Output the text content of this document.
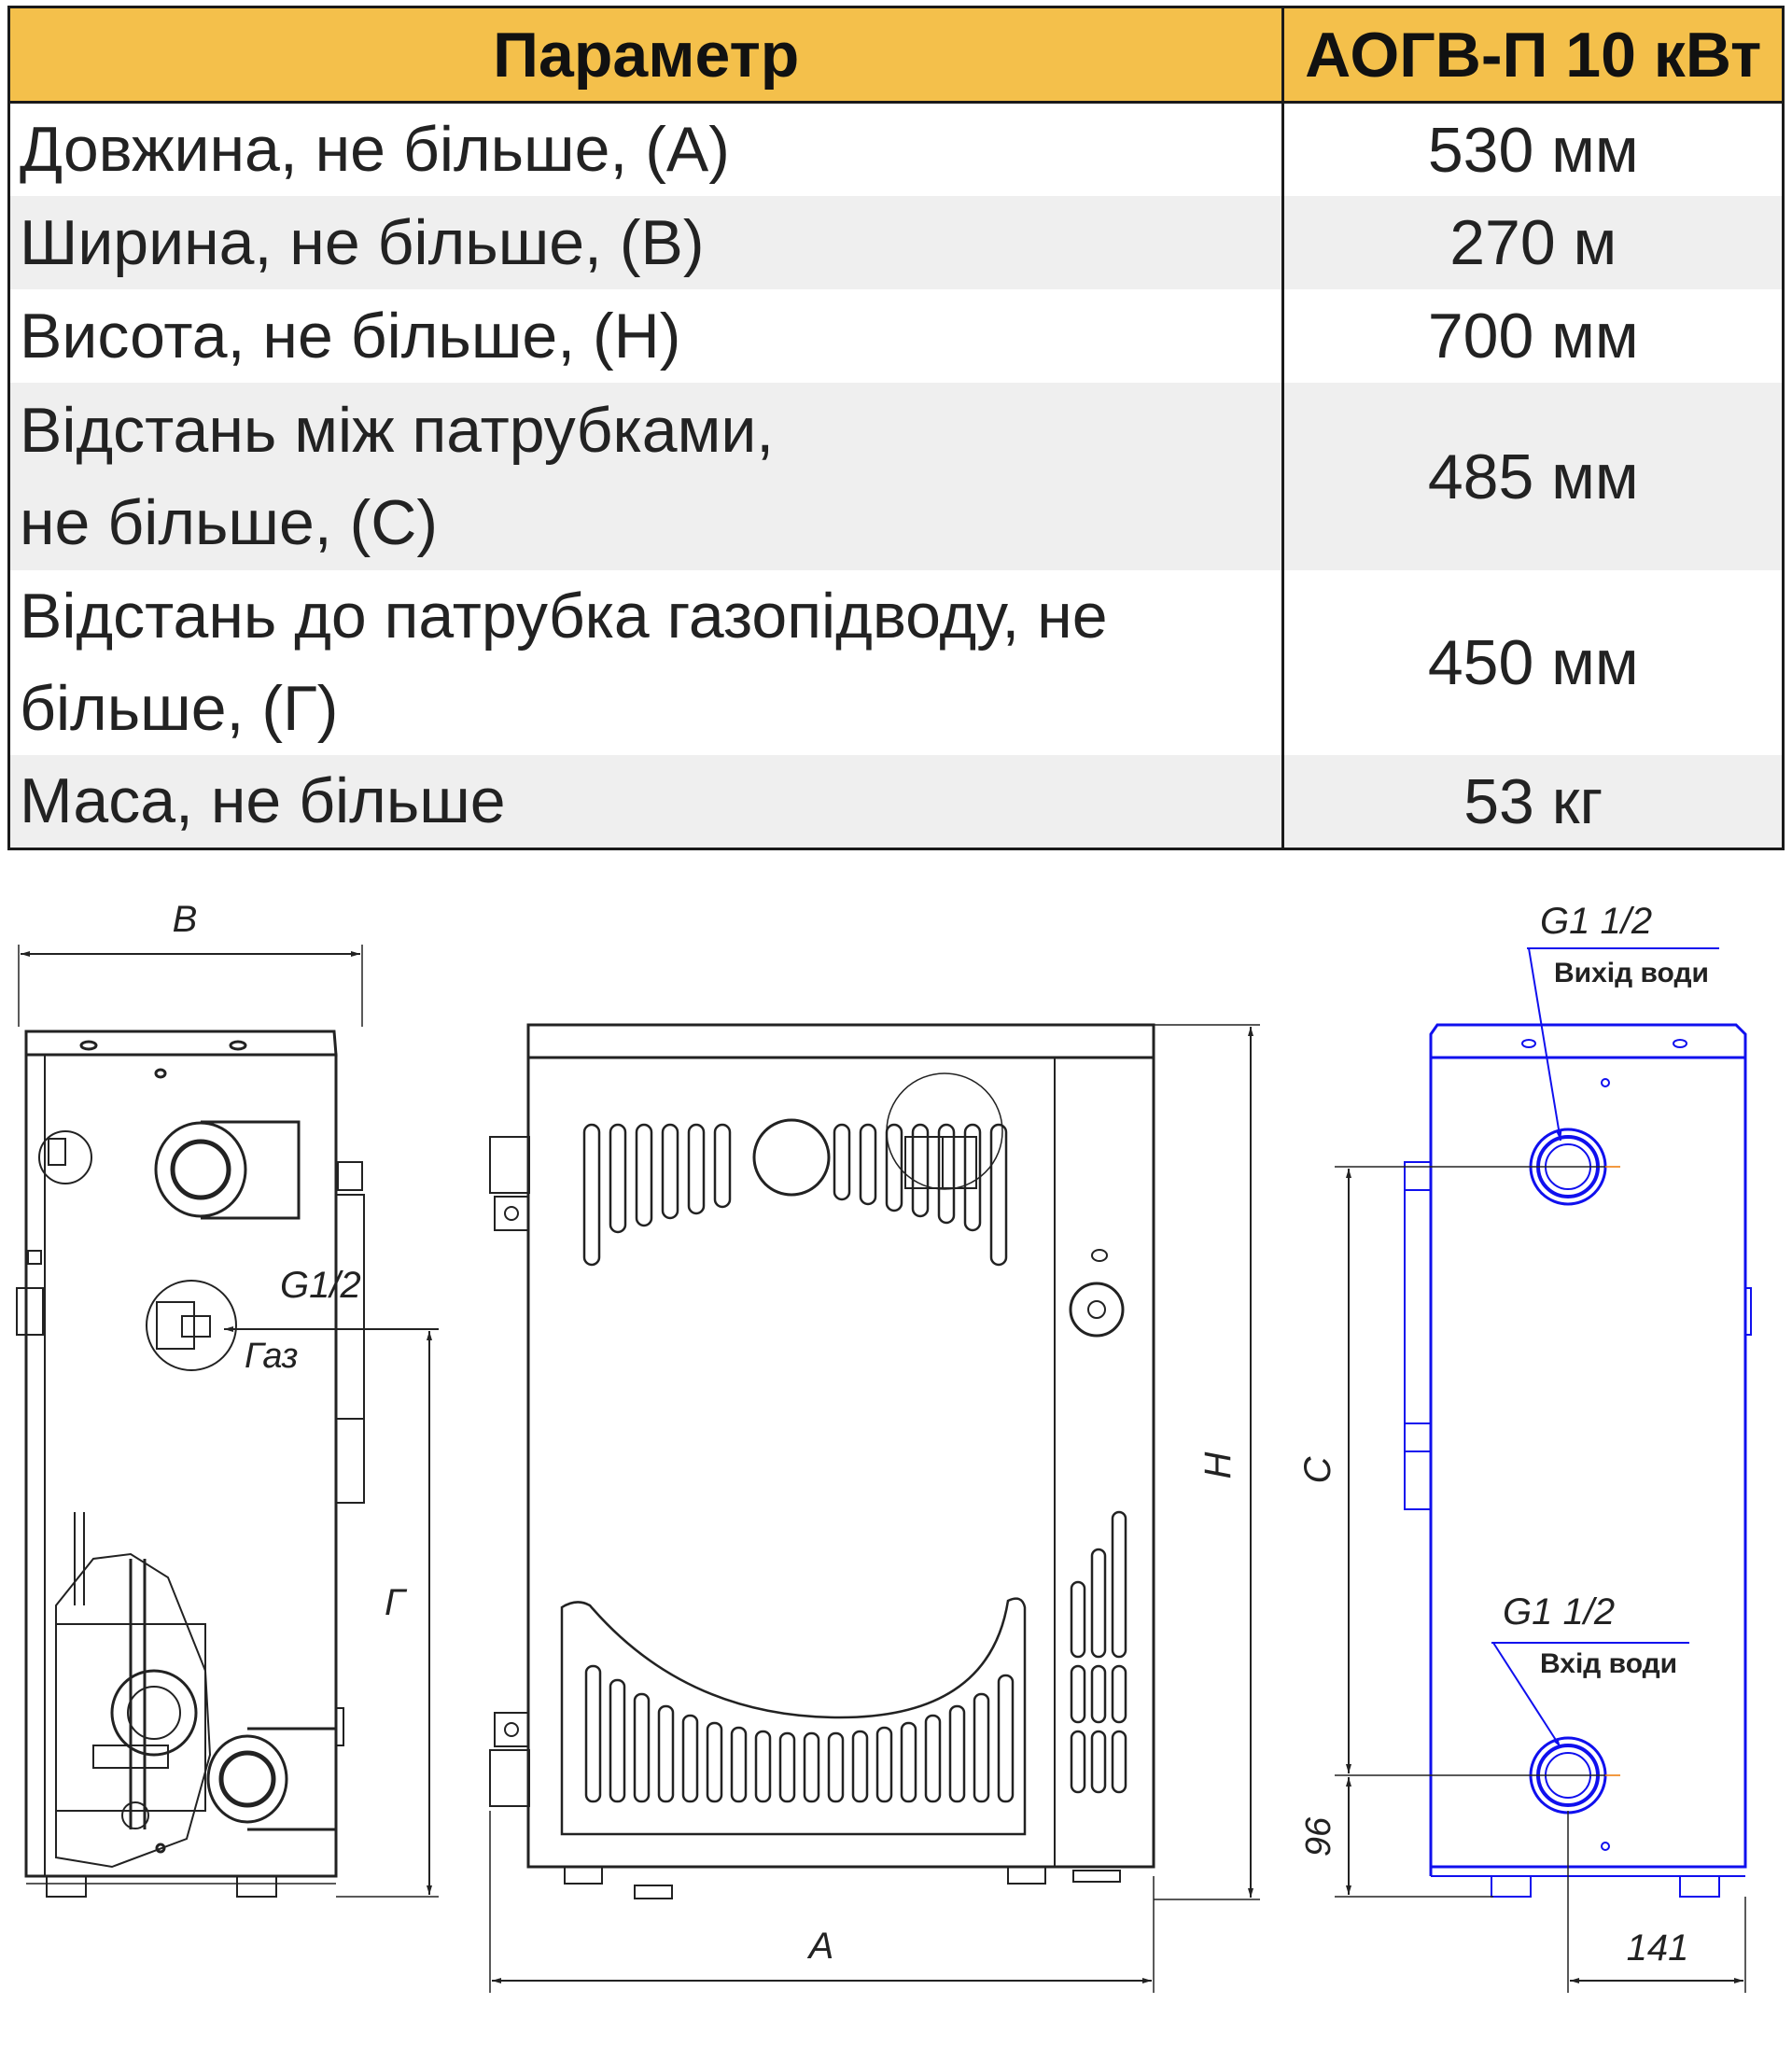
Параметр	АОГВ-П 10 кВт
Довжина, не більше, (А)	530 мм
Ширина, не більше, (В)	270 м
Висота, не більше, (Н)	700 мм

Відстань між патрубками,
не більше, (С)	485 мм

Відстань до патрубка газопідводу, не
більше, (Г)	450 мм
Маса, не більше	53 кг
B
G1/2
Газ
Г
A
H
G1 1/2
Вихід води
G1 1/2
Вхід води
C
96
141
